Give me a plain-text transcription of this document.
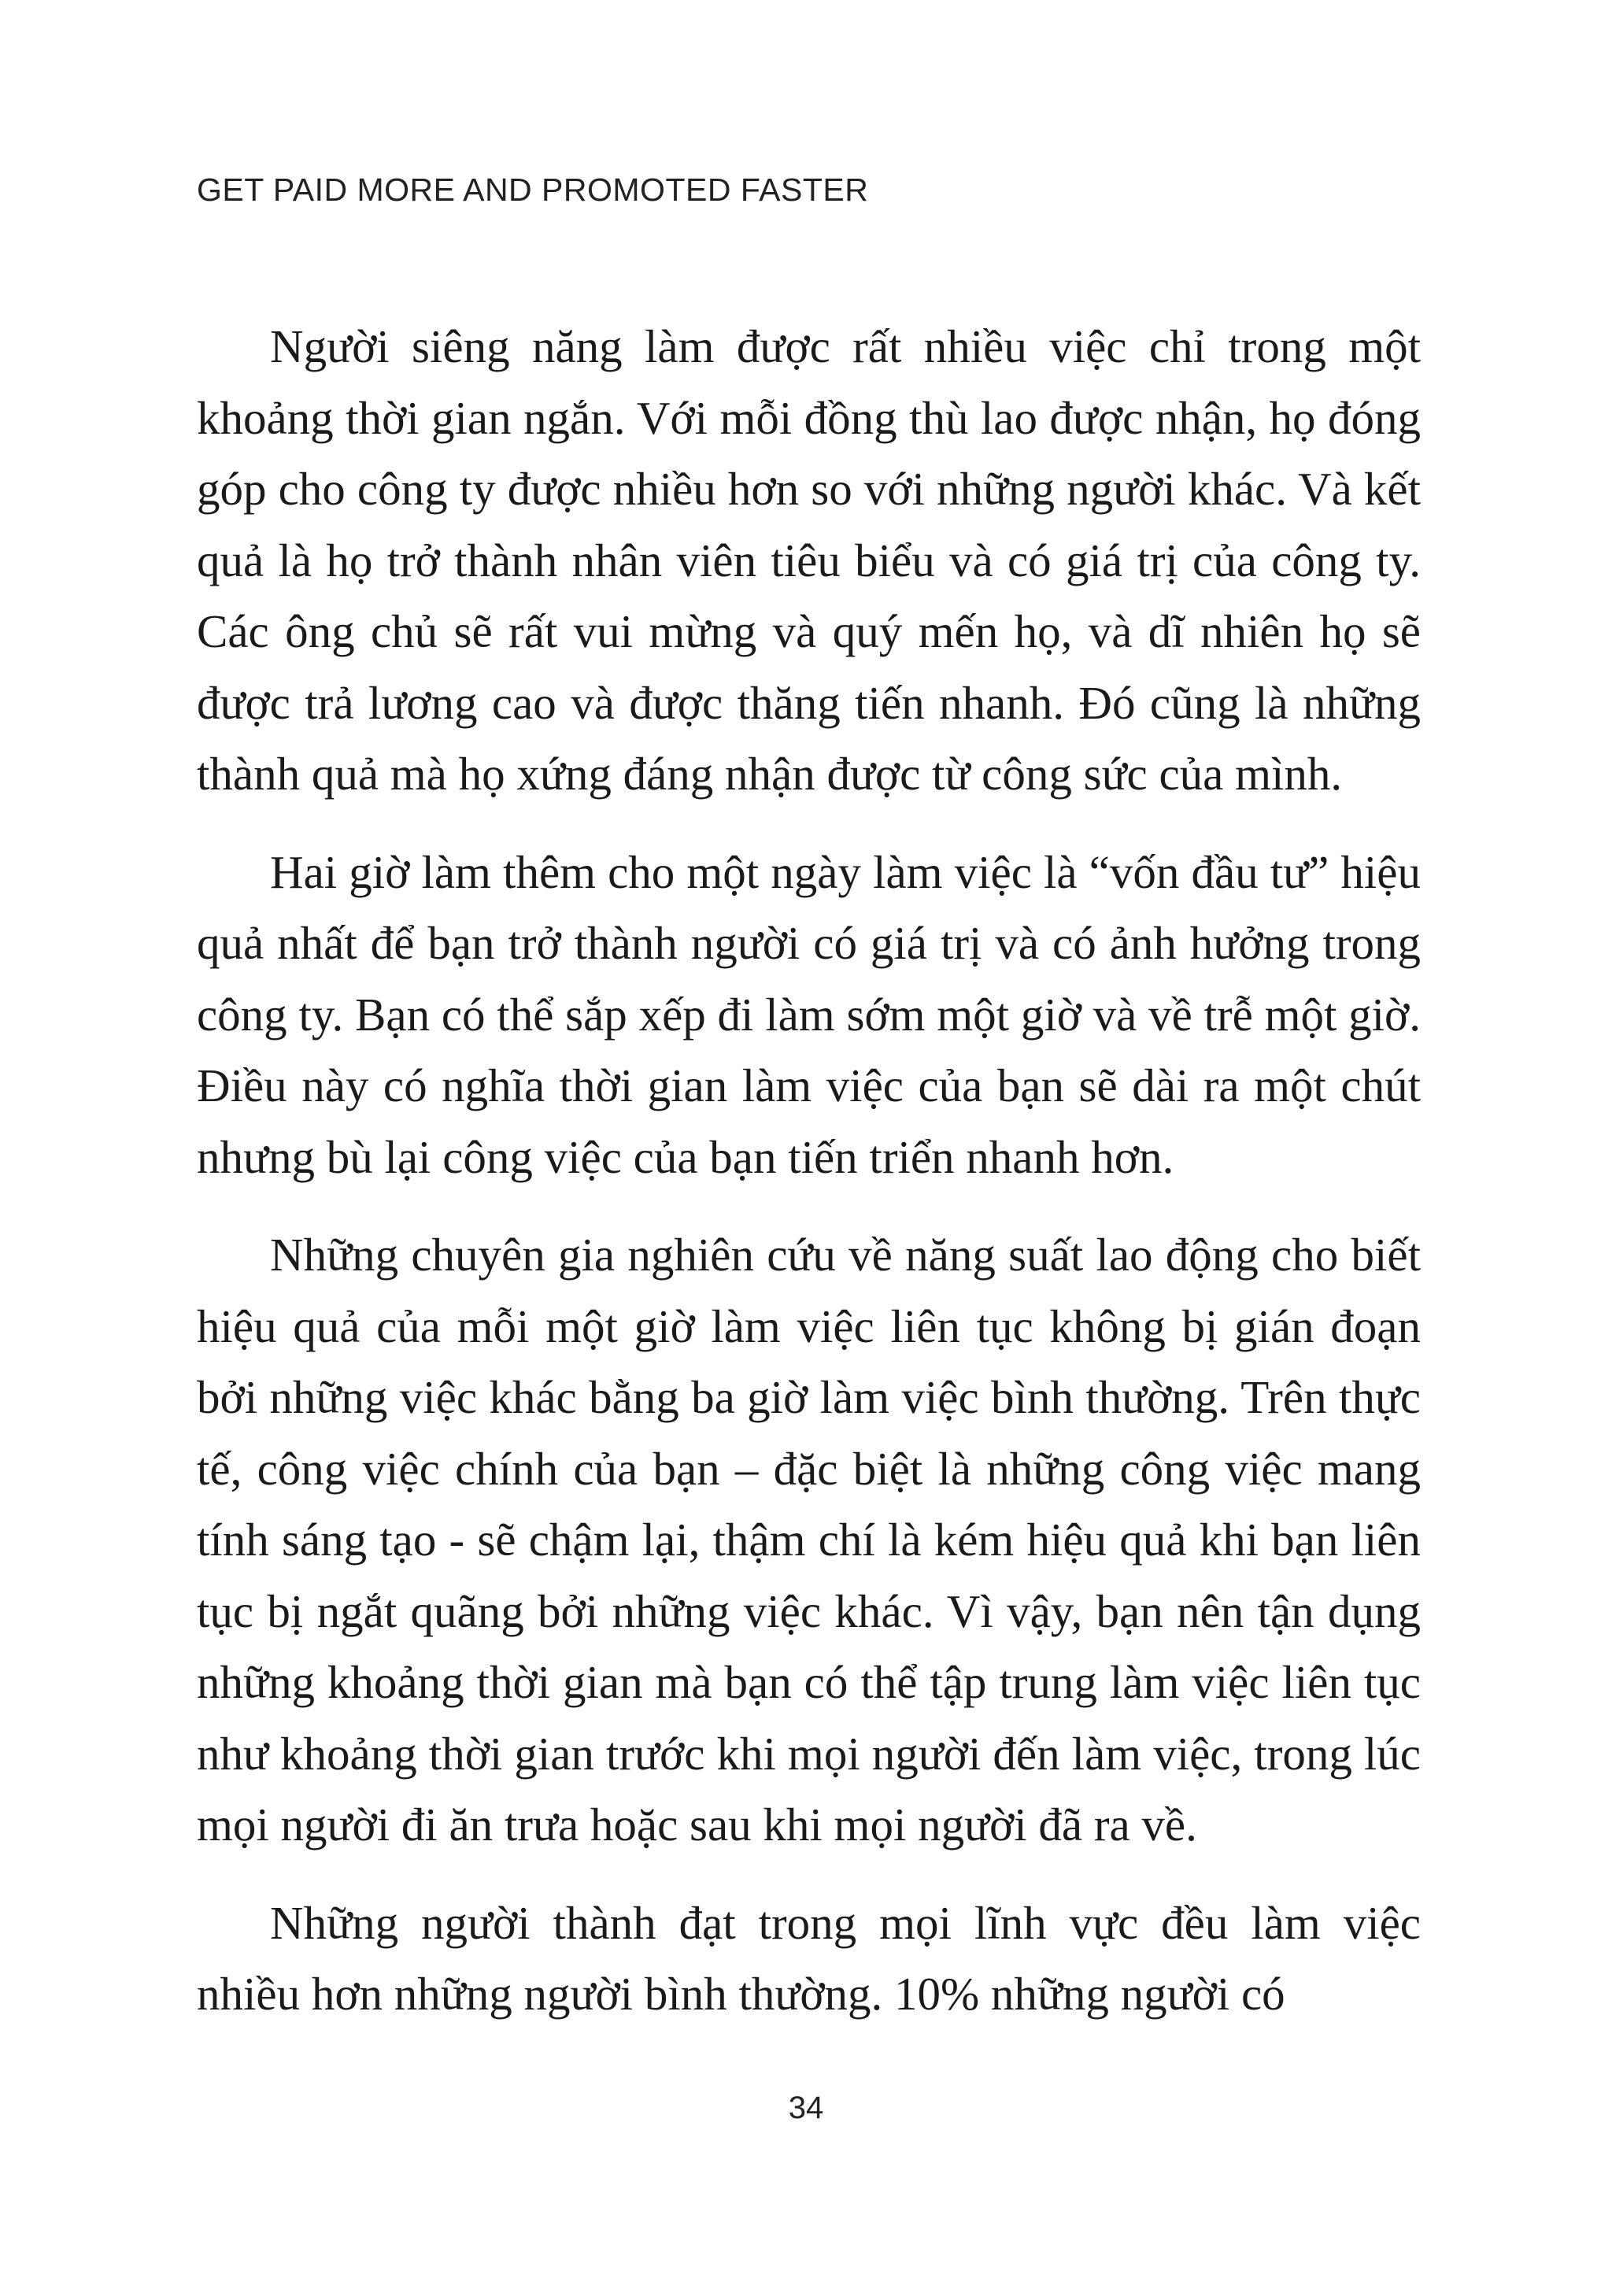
GET PAID MORE AND PROMOTED FASTER

Người siêng năng làm được rất nhiều việc chỉ trong một khoảng thời gian ngắn. Với mỗi đồng thù lao được nhận, họ đóng góp cho công ty được nhiều hơn so với những người khác. Và kết quả là họ trở thành nhân viên tiêu biểu và có giá trị của công ty. Các ông chủ sẽ rất vui mừng và quý mến họ, và dĩ nhiên họ sẽ được trả lương cao và được thăng tiến nhanh. Đó cũng là những thành quả mà họ xứng đáng nhận được từ công sức của mình.

Hai giờ làm thêm cho một ngày làm việc là “vốn đầu tư” hiệu quả nhất để bạn trở thành người có giá trị và có ảnh hưởng trong công ty. Bạn có thể sắp xếp đi làm sớm một giờ và về trễ một giờ. Điều này có nghĩa thời gian làm việc của bạn sẽ dài ra một chút nhưng bù lại công việc của bạn tiến triển nhanh hơn.

Những chuyên gia nghiên cứu về năng suất lao động cho biết hiệu quả của mỗi một giờ làm việc liên tục không bị gián đoạn bởi những việc khác bằng ba giờ làm việc bình thường. Trên thực tế, công việc chính của bạn – đặc biệt là những công việc mang tính sáng tạo - sẽ chậm lại, thậm chí là kém hiệu quả khi bạn liên tục bị ngắt quãng bởi những việc khác. Vì vậy, bạn nên tận dụng những khoảng thời gian mà bạn có thể tập trung làm việc liên tục như khoảng thời gian trước khi mọi người đến làm việc, trong lúc mọi người đi ăn trưa hoặc sau khi mọi người đã ra về.

Những người thành đạt trong mọi lĩnh vực đều làm việc nhiều hơn những người bình thường. 10% những người có

34
